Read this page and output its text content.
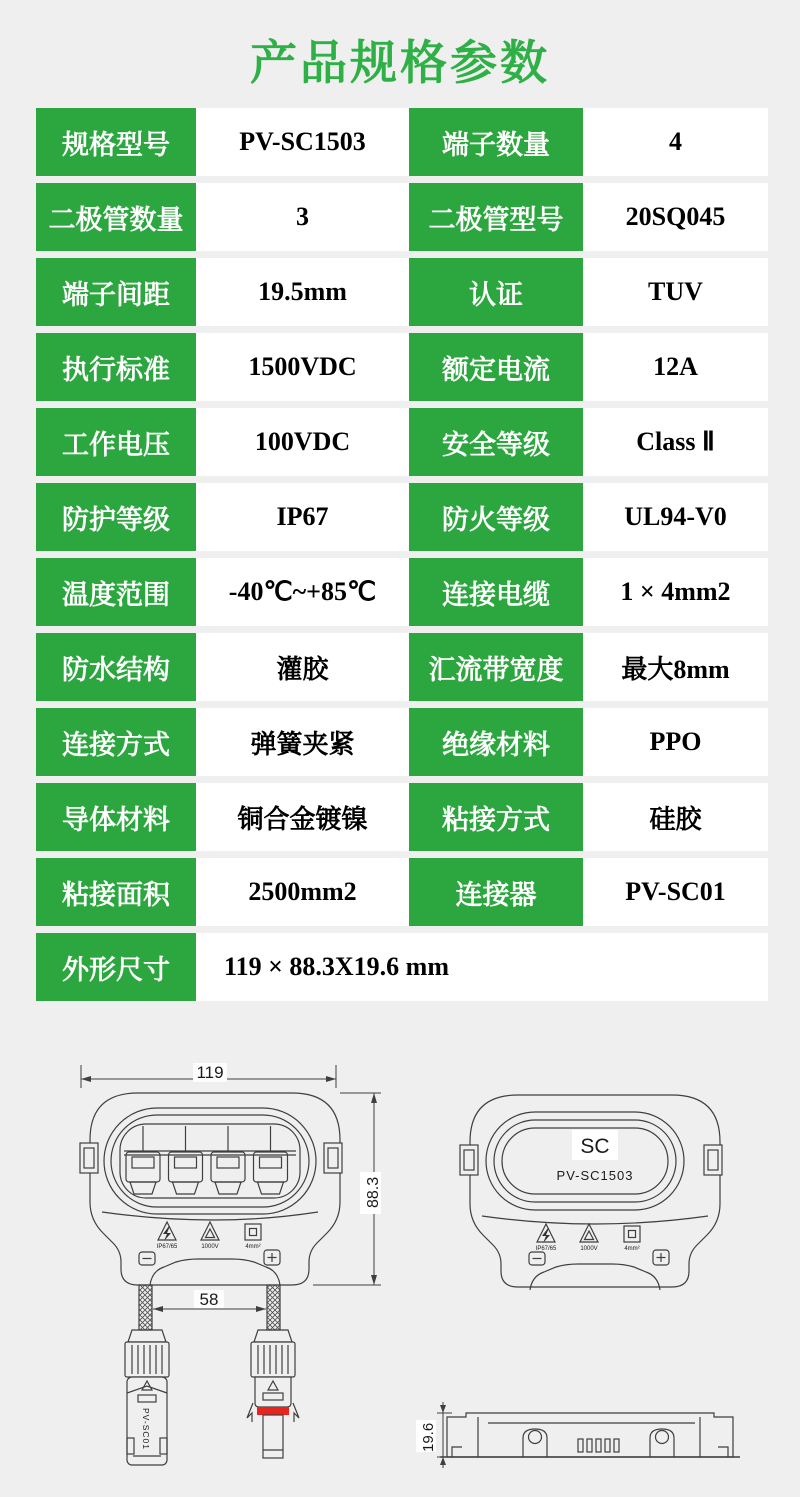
产品规格参数
规格型号	PV-SC1503	端子数量	4
二极管数量	3	二极管型号	20SQ045
端子间距	19.5mm	认证	TUV
执行标准	1500VDC	额定电流	12A
工作电压	100VDC	安全等级	Class Ⅱ
防护等级	IP67	防火等级	UL94-V0
温度范围	-40℃~+85℃	连接电缆	1 × 4mm2
防水结构	灌胶	汇流带宽度	最大8mm
连接方式	弹簧夹紧	绝缘材料	PPO
导体材料	铜合金镀镍	粘接方式	硅胶
粘接面积	2500mm2	连接器	PV-SC01
外形尺寸	119 × 88.3X19.6 mm
IP67/65	1000V	4mm²
119
88.3
58
PV-SC01
SC
PV-SC1503
IP67/65	1000V	4mm²
19.6
